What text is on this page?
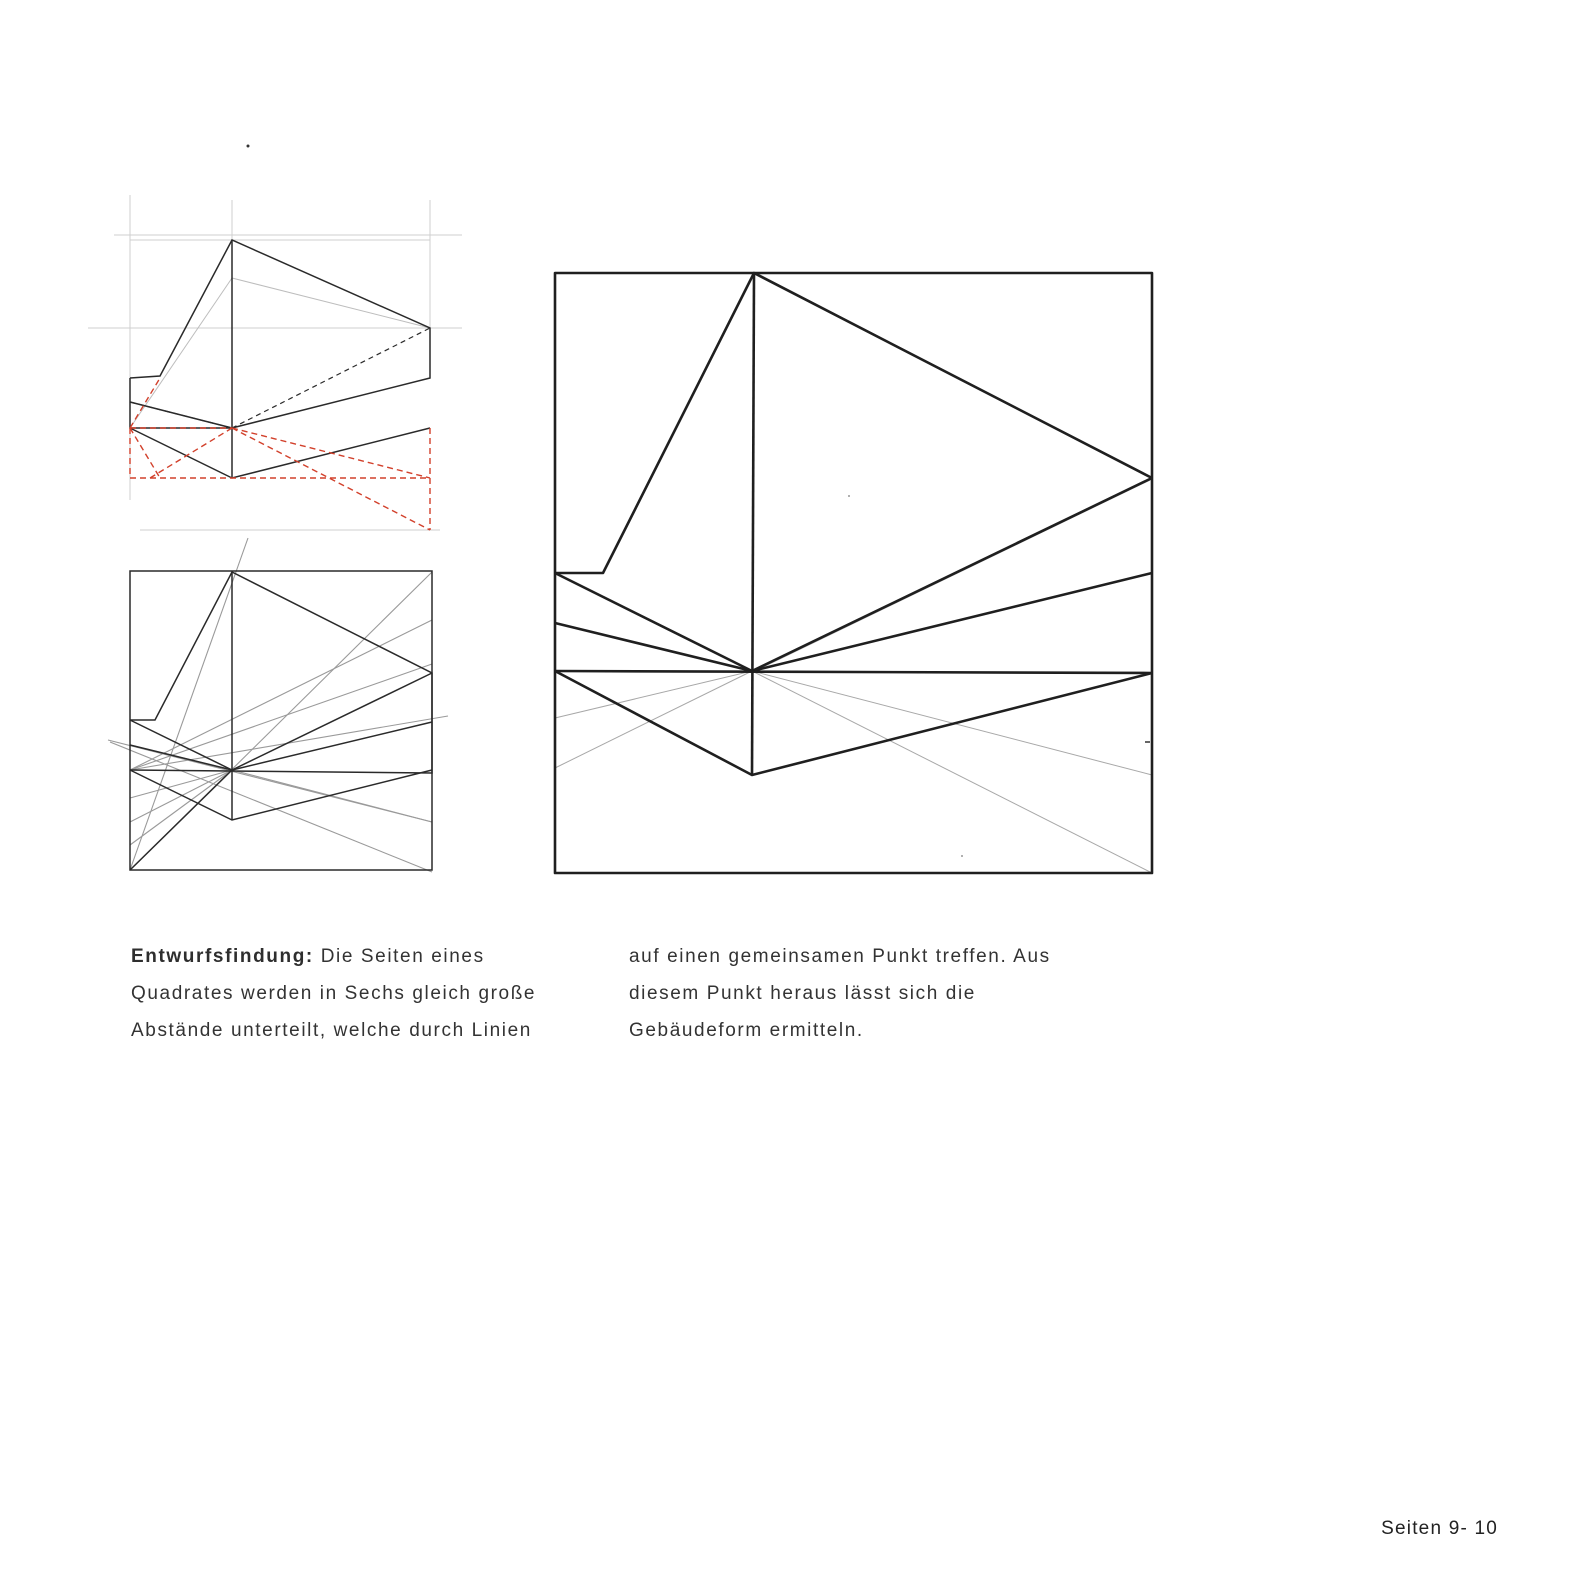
Entwurfsfindung: Die Seiten eines

Quadrates werden in Sechs gleich große

Abstände unterteilt, welche durch Linien

auf einen gemeinsamen Punkt treffen. Aus

diesem Punkt heraus lässt sich die

Gebäudeform ermitteln.

Seiten 9- 10
